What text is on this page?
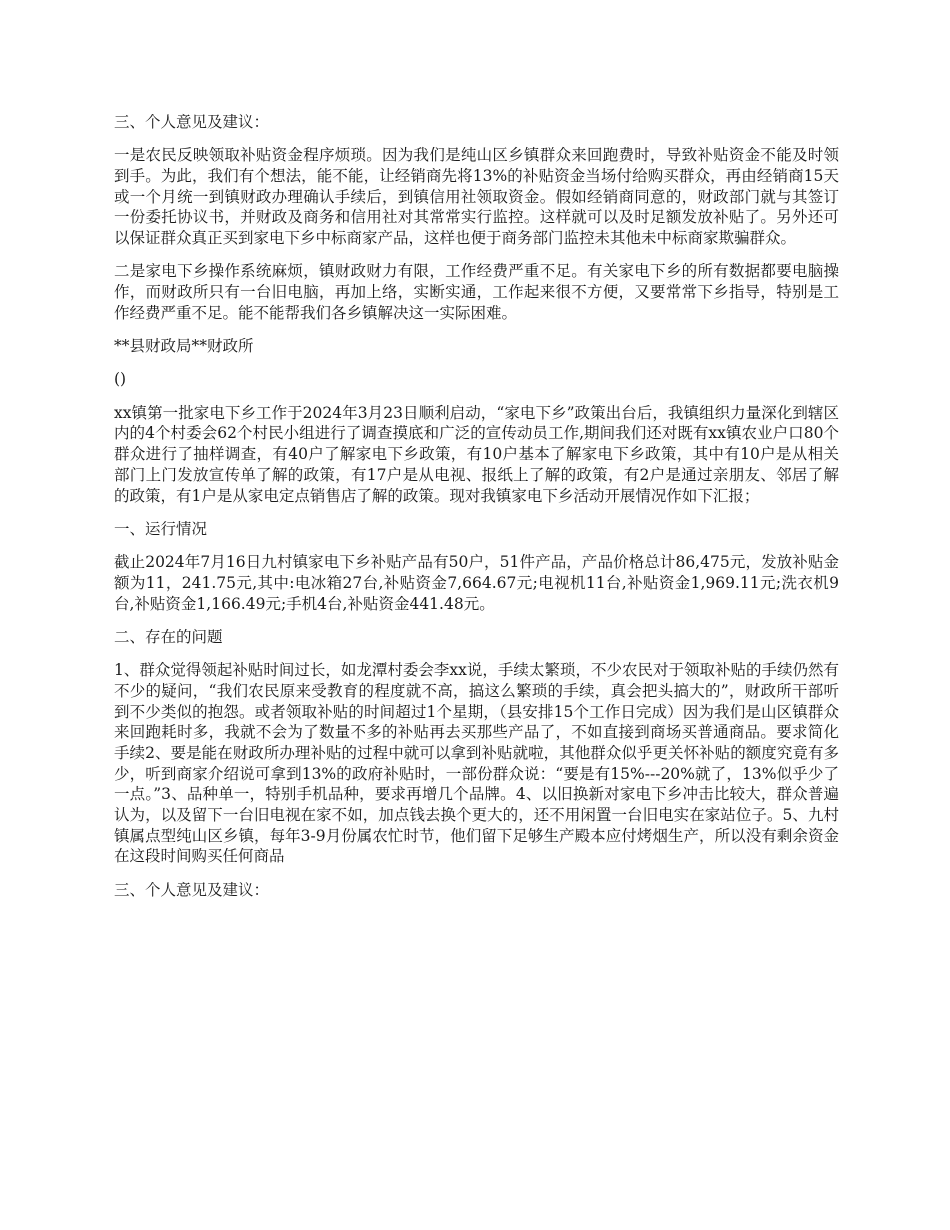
三、个人意见及建议：

一是农民反映领取补贴资金程序烦琐。因为我们是纯山区乡镇群众来回跑费时，导致补贴资金不能及时领到手。为此，我们有个想法，能不能，让经销商先将13%的补贴资金当场付给购买群众，再由经销商15天或一个月统一到镇财政办理确认手续后，到镇信用社领取资金。假如经销商同意的，财政部门就与其签订一份委托协议书，并财政及商务和信用社对其常常实行监控。这样就可以及时足额发放补贴了。另外还可以保证群众真正买到家电下乡中标商家产品，这样也便于商务部门监控未其他未中标商家欺骗群众。

二是家电下乡操作系统麻烦，镇财政财力有限，工作经费严重不足。有关家电下乡的所有数据都要电脑操作，而财政所只有一台旧电脑，再加上络，实断实通，工作起来很不方便，又要常常下乡指导，特别是工作经费严重不足。能不能帮我们各乡镇解决这一实际困难。

**县财政局**财政所

()

xx镇第一批家电下乡工作于2024年3月23日顺利启动，“家电下乡”政策出台后，我镇组织力量深化到辖区内的4个村委会62个村民小组进行了调查摸底和广泛的宣传动员工作,期间我们还对既有xx镇农业户口80个群众进行了抽样调查，有40户了解家电下乡政策，有10户基本了解家电下乡政策，其中有10户是从相关部门上门发放宣传单了解的政策，有17户是从电视、报纸上了解的政策，有2户是通过亲朋友、邻居了解的政策，有1户是从家电定点销售店了解的政策。现对我镇家电下乡活动开展情况作如下汇报；

一、运行情况

截止2024年7月16日九村镇家电下乡补贴产品有50户，51件产品，产品价格总计86,475元，发放补贴金额为11，241.75元,其中:电冰箱27台,补贴资金7,664.67元;电视机11台,补贴资金1,969.11元;洗衣机9台,补贴资金1,166.49元;手机4台,补贴资金441.48元。

二、存在的问题

1、群众觉得领起补贴时间过长，如龙潭村委会李xx说，手续太繁琐，不少农民对于领取补贴的手续仍然有不少的疑问，“我们农民原来受教育的程度就不高，搞这么繁琐的手续，真会把头搞大的”，财政所干部听到不少类似的抱怨。或者领取补贴的时间超过1个星期，（县安排15个工作日完成）因为我们是山区镇群众来回跑耗时多，我就不会为了数量不多的补贴再去买那些产品了，不如直接到商场买普通商品。要求简化手续2、要是能在财政所办理补贴的过程中就可以拿到补贴就啦，其他群众似乎更关怀补贴的额度究竟有多少，听到商家介绍说可拿到13%的政府补贴时，一部份群众说：“要是有15%---20%就了，13%似乎少了一点。”3、品种单一，特别手机品种，要求再增几个品牌。4、以旧换新对家电下乡冲击比较大，群众普遍认为，以及留下一台旧电视在家不如，加点钱去换个更大的，还不用闲置一台旧电实在家站位子。5、九村镇属点型纯山区乡镇，每年3-9月份属农忙时节，他们留下足够生产殿本应付烤烟生产，所以没有剩余资金在这段时间购买任何商品

三、个人意见及建议：
